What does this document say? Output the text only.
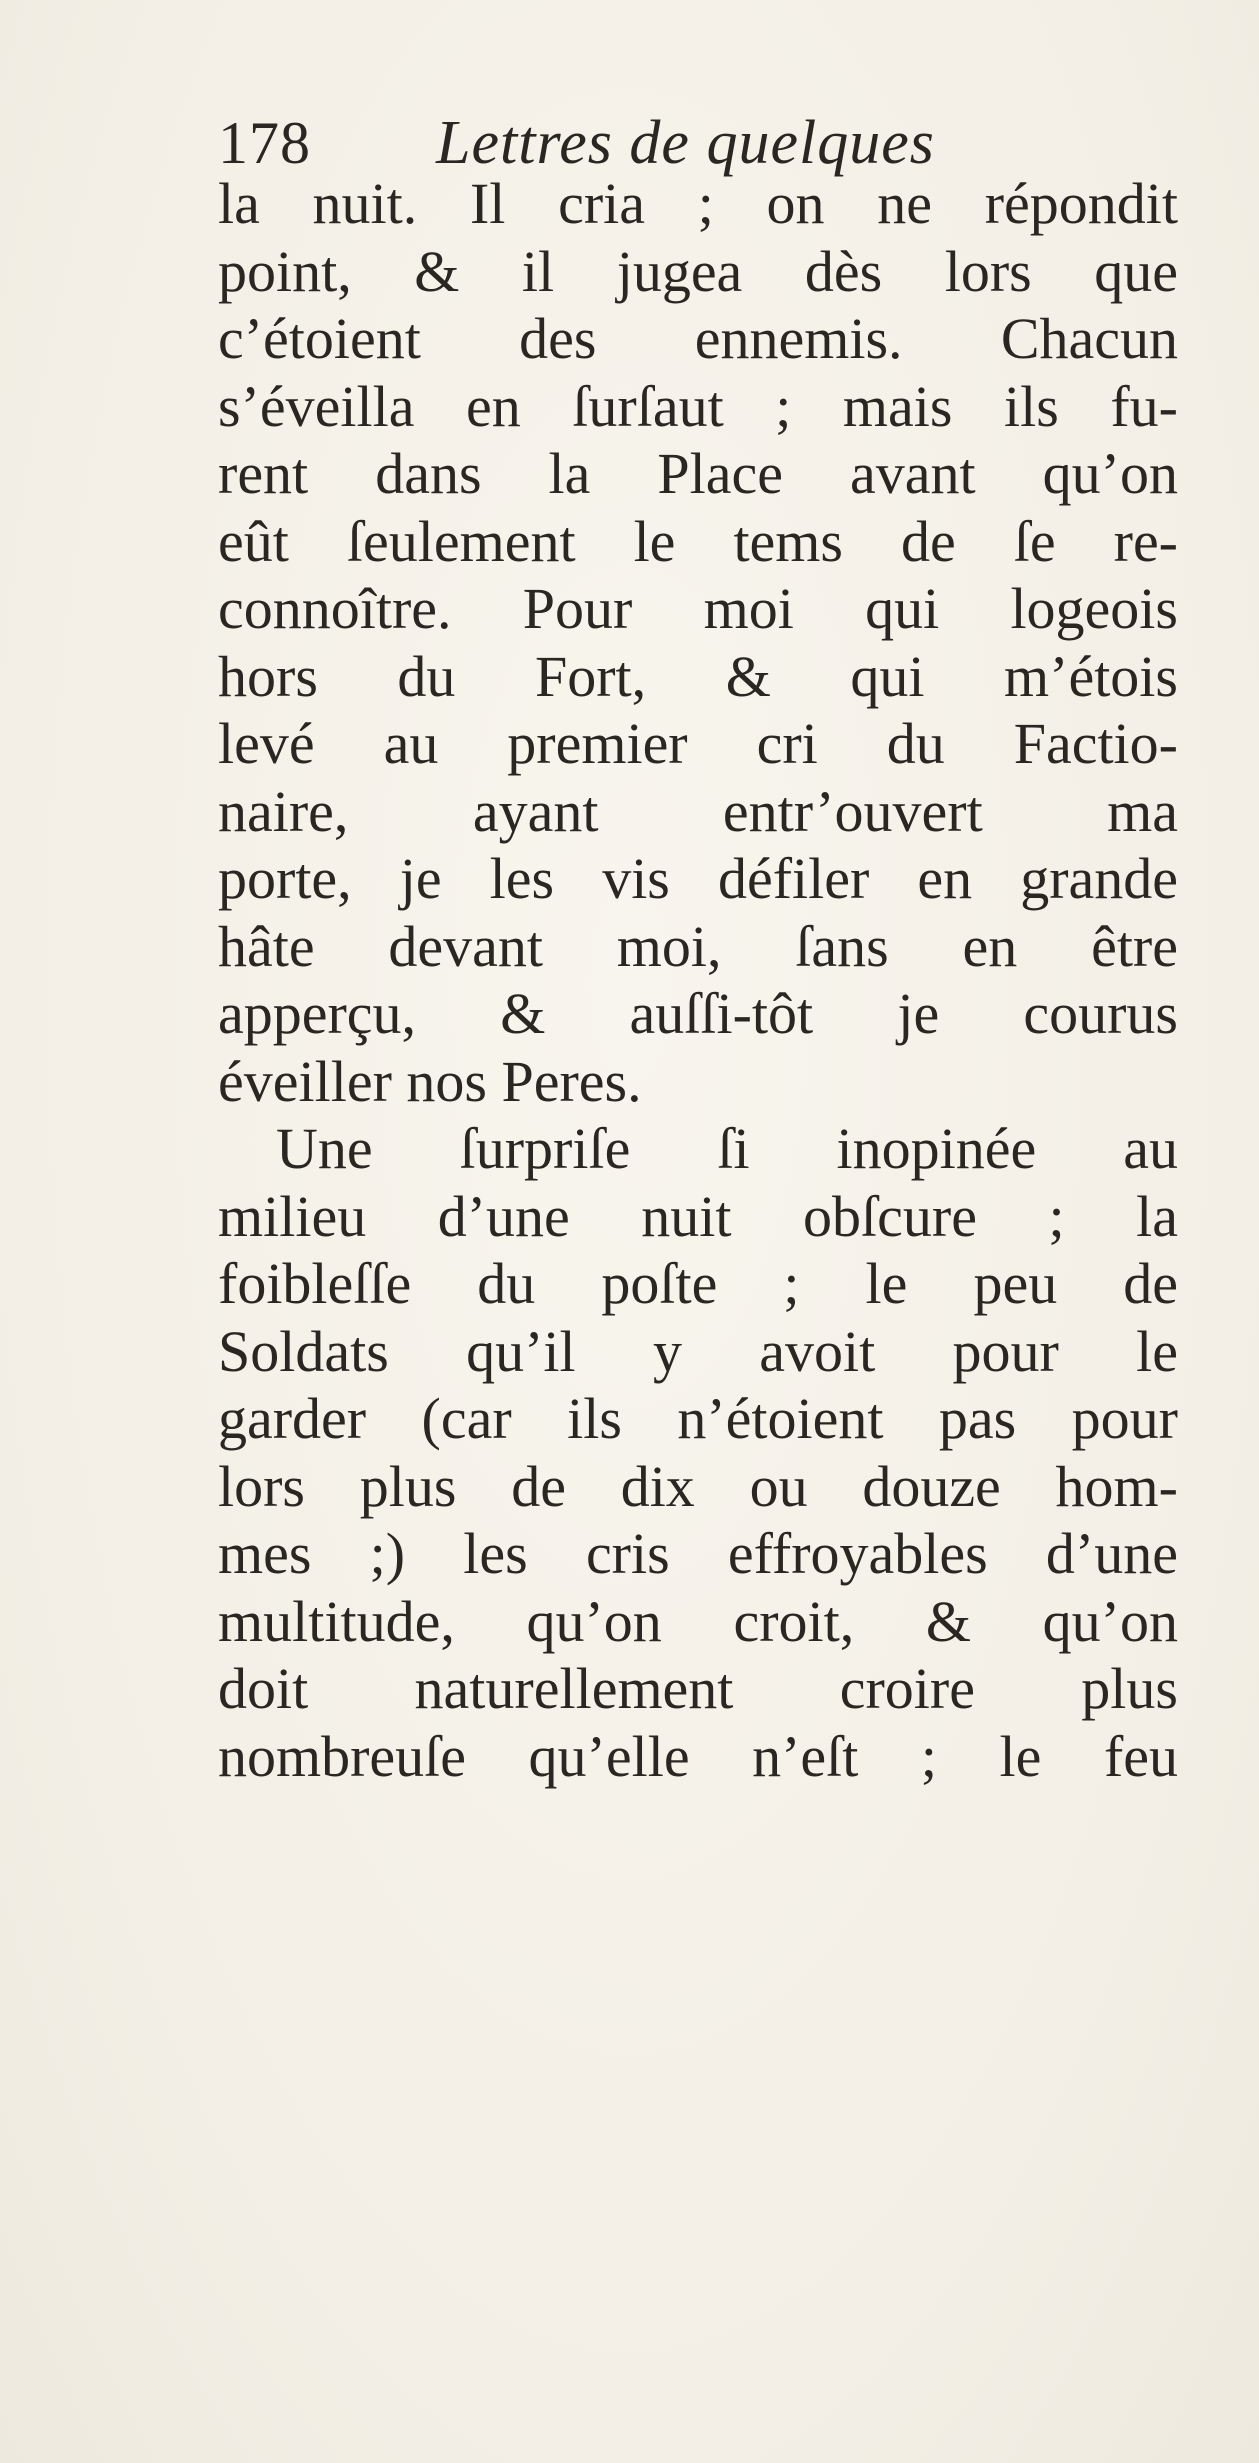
178 Lettres de quelques
la nuit. Il cria ; on ne répondit
point, & il jugea dès lors que
c’étoient des ennemis. Chacun
s’éveilla en ſurſaut ; mais ils fu-
rent dans la Place avant qu’on
eût ſeulement le tems de ſe re-
connoître. Pour moi qui logeois
hors du Fort, & qui m’étois
levé au premier cri du Factio-
naire, ayant entr’ouvert ma
porte, je les vis défiler en grande
hâte devant moi, ſans en être
apperçu, & auſſi-tôt je courus
éveiller nos Peres.
Une ſurpriſe ſi inopinée au
milieu d’une nuit obſcure ; la
foibleſſe du poſte ; le peu de
Soldats qu’il y avoit pour le
garder (car ils n’étoient pas pour
lors plus de dix ou douze hom-
mes ;) les cris effroyables d’une
multitude, qu’on croit, & qu’on
doit naturellement croire plus
nombreuſe qu’elle n’eſt ; le feu
